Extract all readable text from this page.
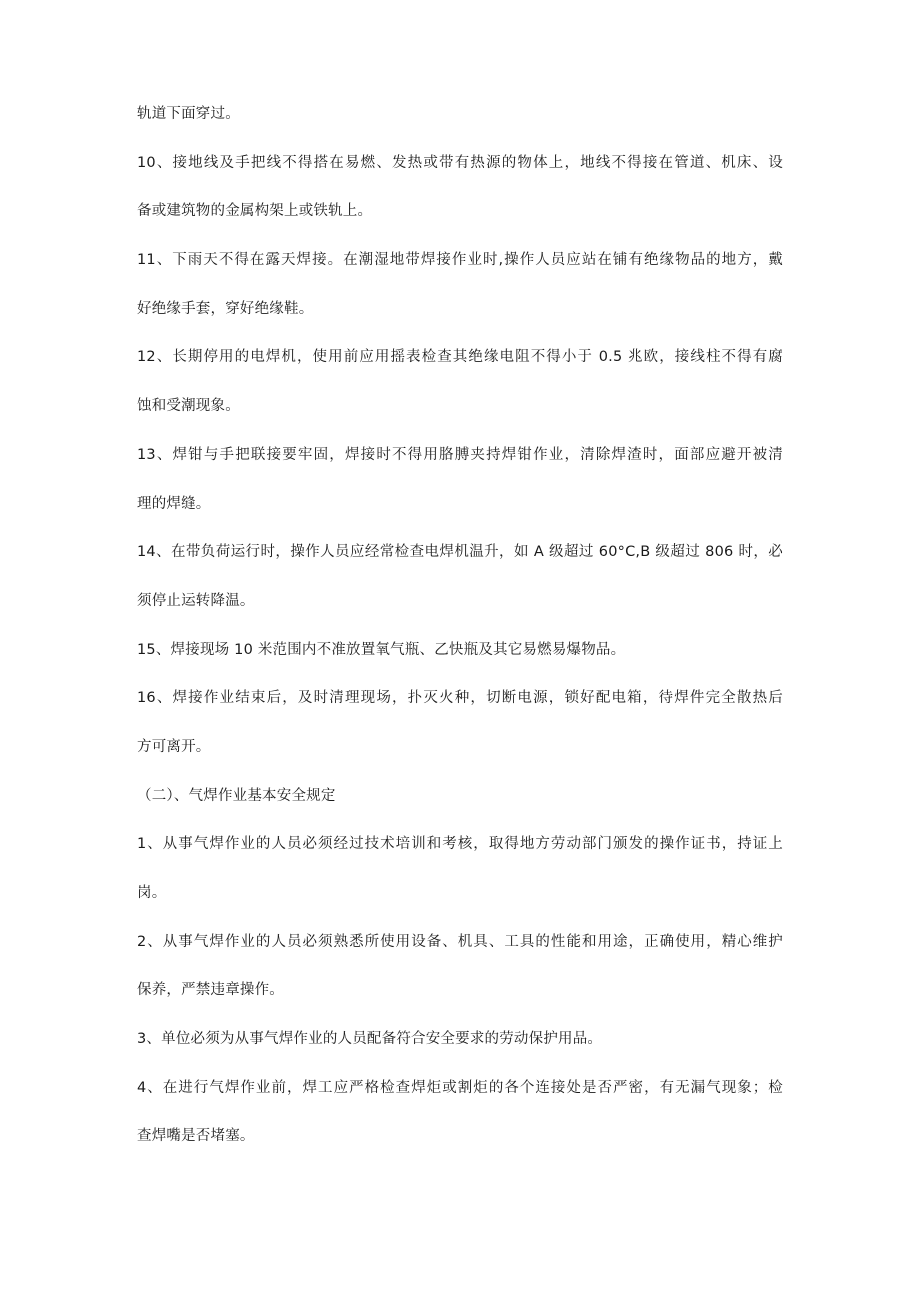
轨道下面穿过。
10、接地线及手把线不得搭在易燃、发热或带有热源的物体上，地线不得接在管道、机床、设
备或建筑物的金属构架上或铁轨上。
11、下雨天不得在露天焊接。在潮湿地带焊接作业时,操作人员应站在铺有绝缘物品的地方，戴
好绝缘手套，穿好绝缘鞋。
12、长期停用的电焊机，使用前应用摇表检查其绝缘电阻不得小于 0.5 兆欧，接线柱不得有腐
蚀和受潮现象。
13、焊钳与手把联接要牢固，焊接时不得用胳膊夹持焊钳作业，清除焊渣时，面部应避开被清
理的焊缝。
14、在带负荷运行时，操作人员应经常检查电焊机温升，如 A 级超过 60°C,B 级超过 806 时，必
须停止运转降温。
15、焊接现场 10 米范围内不准放置氧气瓶、乙快瓶及其它易燃易爆物品。
16、焊接作业结束后，及时清理现场，扑灭火种，切断电源，锁好配电箱，待焊件完全散热后
方可离开。
（二）、气焊作业基本安全规定
1、从事气焊作业的人员必须经过技术培训和考核，取得地方劳动部门颁发的操作证书，持证上
岗。
2、从事气焊作业的人员必须熟悉所使用设备、机具、工具的性能和用途，正确使用，精心维护
保养，严禁违章操作。
3、单位必须为从事气焊作业的人员配备符合安全要求的劳动保护用品。
4、在进行气焊作业前，焊工应严格检查焊炬或割炬的各个连接处是否严密，有无漏气现象；检
查焊嘴是否堵塞。
